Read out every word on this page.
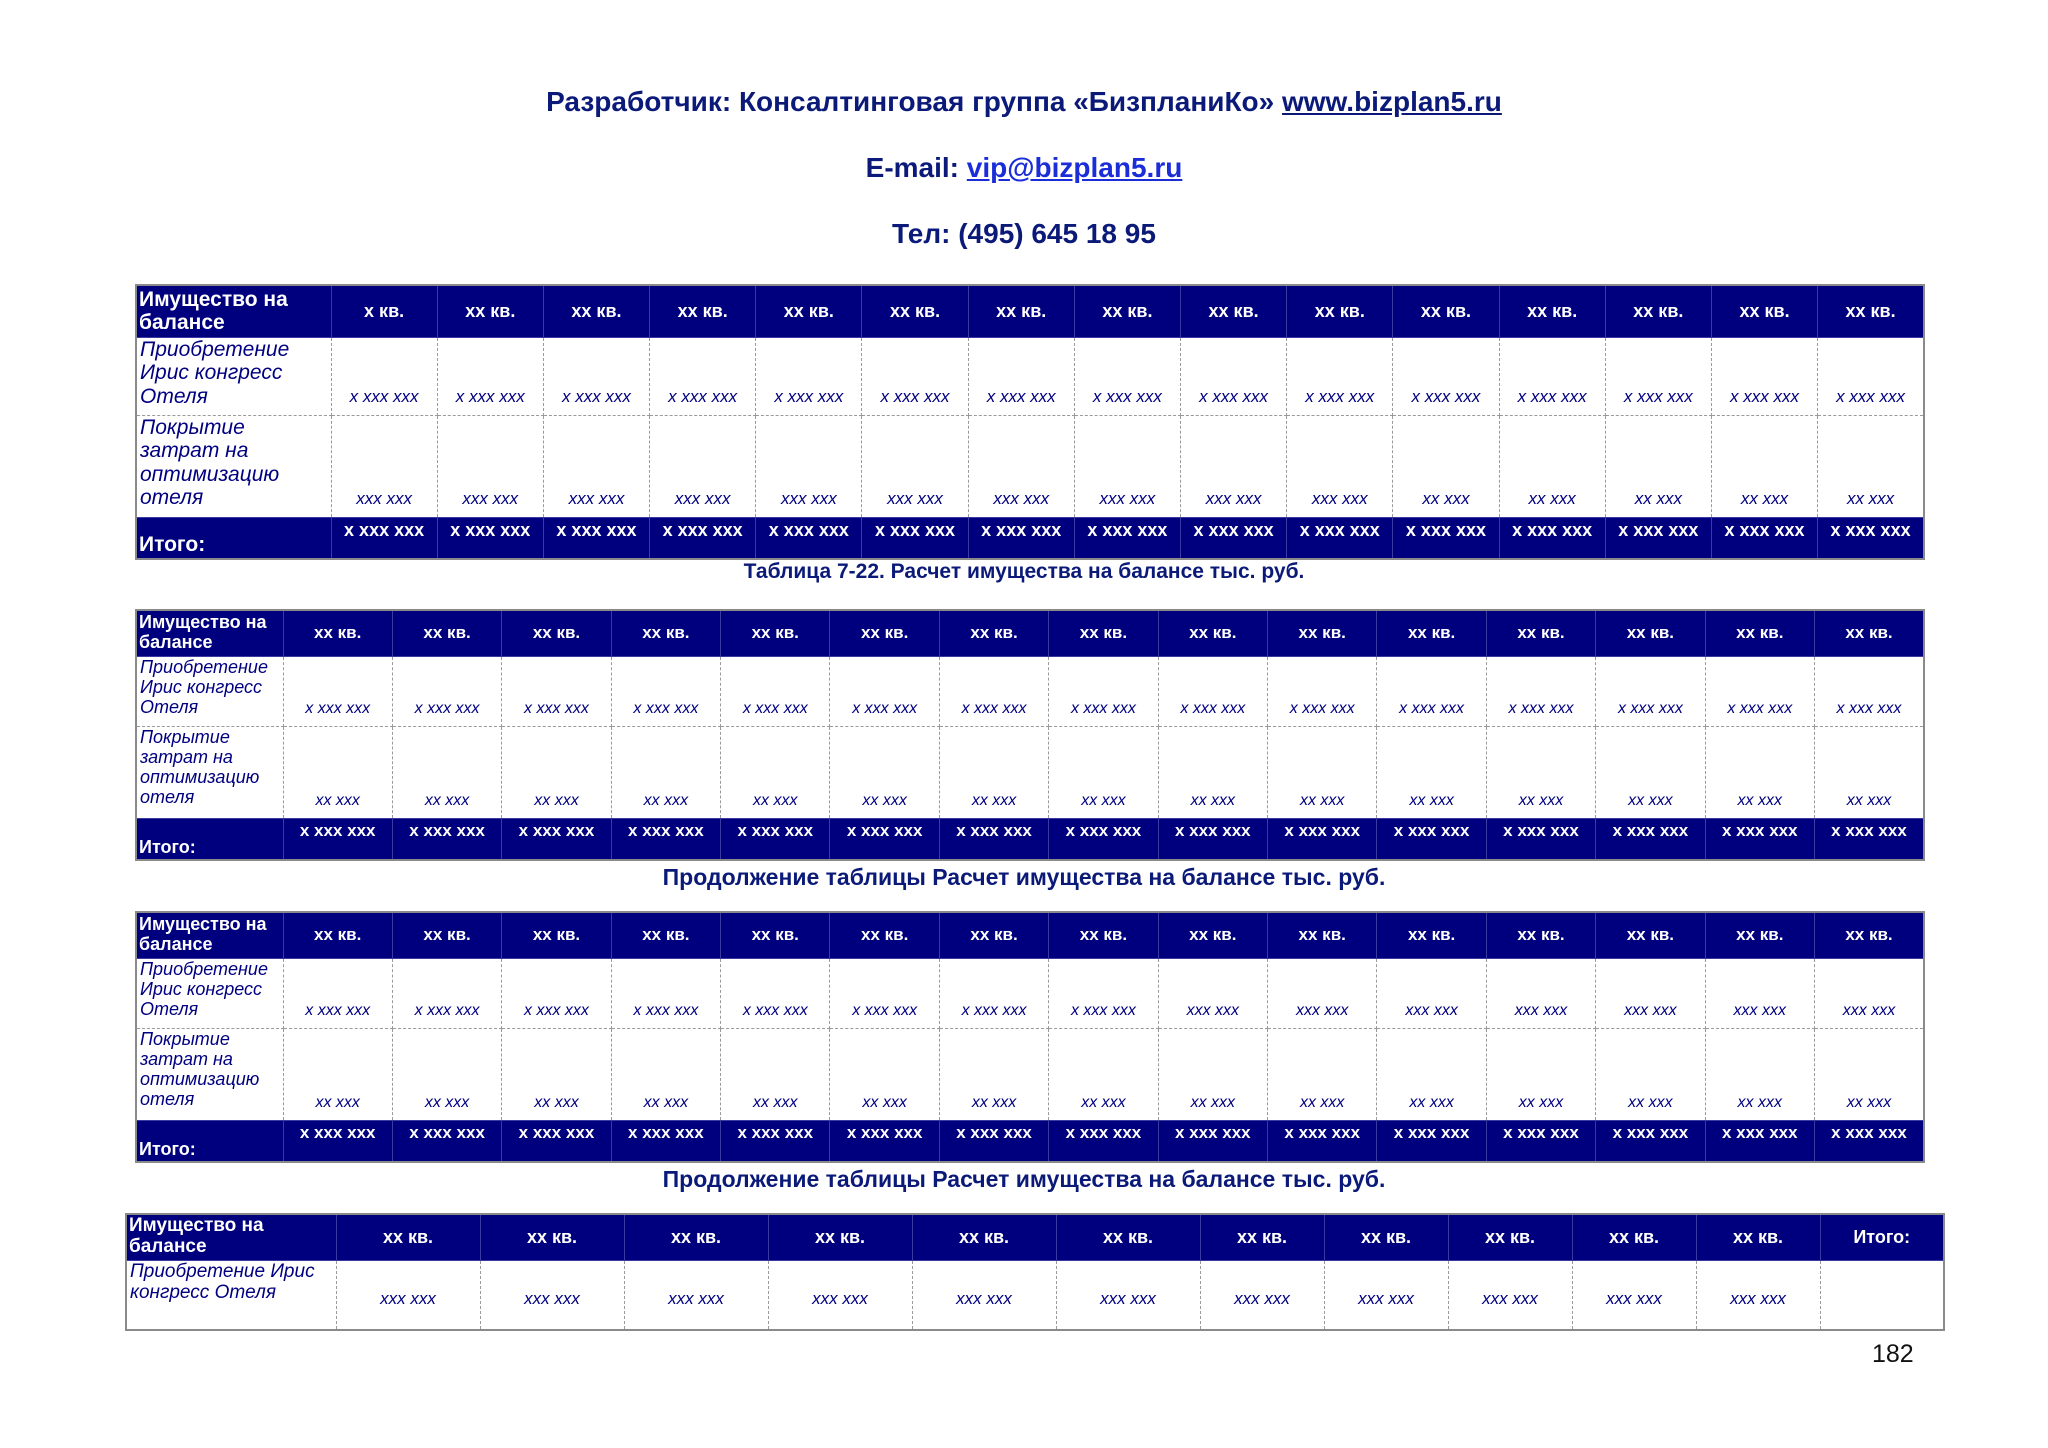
Разработчик: Консалтинговая группа «БизпланиКо» www.bizplan5.ru
E-mail: vip@bizplan5.ru
Тел: (495) 645 18 95
Имущество на балансе	х кв.	хх кв.	хх кв.	хх кв.	хх кв.	хх кв.	хх кв.	хх кв.	хх кв.	хх кв.	хх кв.	хх кв.	хх кв.	хх кв.	хх кв.
Приобретение Ирис конгресс Отеля	х ххх ххх	х ххх ххх	х ххх ххх	х ххх ххх	х ххх ххх	х ххх ххх	х ххх ххх	х ххх ххх	х ххх ххх	х ххх ххх	х ххх ххх	х ххх ххх	х ххх ххх	х ххх ххх	х ххх ххх
Покрытие затрат на оптимизацию отеля	ххх ххх	ххх ххх	ххх ххх	ххх ххх	ххх ххх	ххх ххх	ххх ххх	ххх ххх	ххх ххх	ххх ххх	хх ххх	хх ххх	хх ххх	хх ххх	хх ххх
Итого:	х ххх ххх	х ххх ххх	х ххх ххх	х ххх ххх	х ххх ххх	х ххх ххх	х ххх ххх	х ххх ххх	х ххх ххх	х ххх ххх	х ххх ххх	х ххх ххх	х ххх ххх	х ххх ххх	х ххх ххх
Таблица 7-22. Расчет имущества на балансе тыс. руб.
Имущество на балансе	хх кв.	хх кв.	хх кв.	хх кв.	хх кв.	хх кв.	хх кв.	хх кв.	хх кв.	хх кв.	хх кв.	хх кв.	хх кв.	хх кв.	хх кв.
Приобретение Ирис конгресс Отеля	х ххх ххх	х ххх ххх	х ххх ххх	х ххх ххх	х ххх ххх	х ххх ххх	х ххх ххх	х ххх ххх	х ххх ххх	х ххх ххх	х ххх ххх	х ххх ххх	х ххх ххх	х ххх ххх	х ххх ххх
Покрытие затрат на оптимизацию отеля	хх ххх	хх ххх	хх ххх	хх ххх	хх ххх	хх ххх	хх ххх	хх ххх	хх ххх	хх ххх	хх ххх	хх ххх	хх ххх	хх ххх	хх ххх
Итого:	х ххх ххх	х ххх ххх	х ххх ххх	х ххх ххх	х ххх ххх	х ххх ххх	х ххх ххх	х ххх ххх	х ххх ххх	х ххх ххх	х ххх ххх	х ххх ххх	х ххх ххх	х ххх ххх	х ххх ххх
Продолжение таблицы Расчет имущества на балансе тыс. руб.
Имущество на балансе	хх кв.	хх кв.	хх кв.	хх кв.	хх кв.	хх кв.	хх кв.	хх кв.	хх кв.	хх кв.	хх кв.	хх кв.	хх кв.	хх кв.	хх кв.
Приобретение Ирис конгресс Отеля	х ххх ххх	х ххх ххх	х ххх ххх	х ххх ххх	х ххх ххх	х ххх ххх	х ххх ххх	х ххх ххх	ххх ххх	ххх ххх	ххх ххх	ххх ххх	ххх ххх	ххх ххх	ххх ххх
Покрытие затрат на оптимизацию отеля	хх ххх	хх ххх	хх ххх	хх ххх	хх ххх	хх ххх	хх ххх	хх ххх	хх ххх	хх ххх	хх ххх	хх ххх	хх ххх	хх ххх	хх ххх
Итого:	х ххх ххх	х ххх ххх	х ххх ххх	х ххх ххх	х ххх ххх	х ххх ххх	х ххх ххх	х ххх ххх	х ххх ххх	х ххх ххх	х ххх ххх	х ххх ххх	х ххх ххх	х ххх ххх	х ххх ххх
Продолжение таблицы Расчет имущества на балансе тыс. руб.
Имущество на балансе	хх кв.	хх кв.	хх кв.	хх кв.	хх кв.	хх кв.	хх кв.	хх кв.	хх кв.	хх кв.	хх кв.	Итого:
Приобретение Ирис конгресс Отеля	ххх ххх	ххх ххх	ххх ххх	ххх ххх	ххх ххх	ххх ххх	ххх ххх	ххх ххх	ххх ххх	ххх ххх	ххх ххх	
182
